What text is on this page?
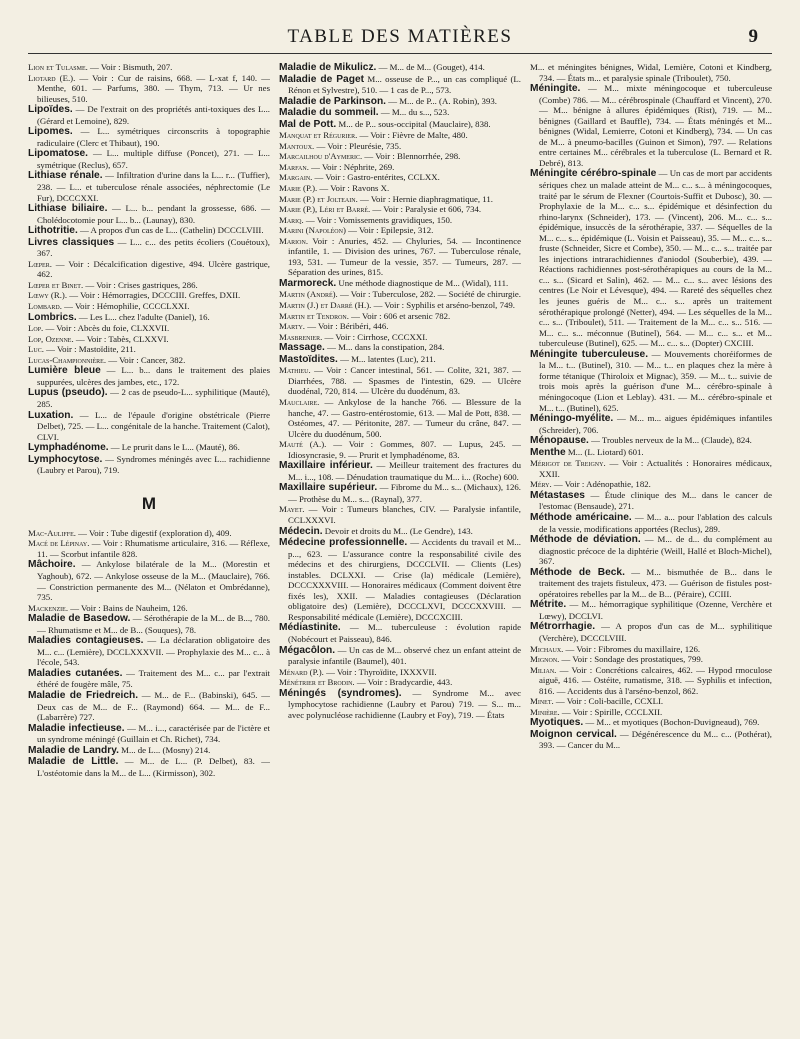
TABLE DES MATIÈRES	9

Lion et Tulasme. — Voir : Bismuth, 207.

Liotard (E.). — Voir : Cur de raisins, 668. — L-xat f, 140. — Menthe, 601. — Parfums, 380. — Thym, 713. — Ur nes bilieuses, 510.

Lipoïdes. — De l'extrait on des propriétés anti-toxiques des L... (Gérard et Lemoine), 829.

Lipomes. — L... symétriques circonscrits à topographie radiculaire (Clerc et Thibaut), 190.

Lipomatose. — L... multiple diffuse (Poncet), 271. — L... symétrique (Reclus), 657.

Lithiase rénale. — Infiltration d'urine dans la L... r... (Tuffier), 238. — L... et tuberculose rénale associées, néphrectomie (Le Fur), DCCCXXI.

Lithiase biliaire. — L... b... pendant la grossesse, 686. — Cholédocotomie pour L... b... (Launay), 830.

Lithotritie. — A propos d'un cas de L... (Cathelin) DCCCLVIII.

Livres classiques — L... c... des petits écoliers (Couétoux), 367.

Lœper. — Voir : Décalcification digestive, 494. Ulcère gastrique, 462.

Lœper et Binet. — Voir : Crises gastriques, 286.

Lœwy (R.). — Voir : Hémorragies, DCCCIII. Greffes, DXII.

Lombard. — Voir : Hémophilie, CCCCLXXI.

Lombrics. — Les L... chez l'adulte (Daniel), 16.

Lop. — Voir : Abcès du foie, CLXXVII.

Lop, Ozenne. — Voir : Tabès, CLXXVI.

Luc. — Voir : Mastoïdite, 211.

Lucas-Championnière. — Voir : Cancer, 382.

Lumière bleue — L... b... dans le traitement des plaies suppurées, ulcères des jambes, etc., 172.

Lupus (pseudo). — 2 cas de pseudo-L... syphilitique (Mauté), 285.

Luxation. — L... de l'épaule d'origine obstétricale (Pierre Delbet), 725. — L... congénitale de la hanche. Traitement (Calot), CLVI.

Lymphadénome. — Le prurit dans le L... (Mauté), 86.

Lymphocytose. — Syndromes méningés avec L... rachidienne (Laubry et Parou), 719.

M

Mac-Auliffe. — Voir : Tube digestif (exploration d), 409.

Macé de Lépinay. — Voir : Rhumatisme articulaire, 316. — Réflexe, 11. — Scorbut infantile 828.

Mâchoire. — Ankylose bilatérale de la M... (Morestin et Yaghoub), 672. — Ankylose osseuse de la M... (Mauclaire), 766. — Constriction permanente des M... (Nélaton et Ombrédanne), 735.

Mackenzie. — Voir : Bains de Nauheim, 126.

Maladie de Basedow. — Sérothérapie de la M... de B..., 780. — Rhumatisme et M... de B... (Souques), 78.

Maladies contagieuses. — La déclaration obligatoire des M... c... (Lemière), DCCLXXXVII. — Prophylaxie des M... c... à l'école, 543.

Maladies cutanées. — Traitement des M... c... par l'extrait éthéré de fougère mâle, 75.

Maladie de Friedreich. — M... de F... (Babinski), 645. — Deux cas de M... de F... (Raymond) 664. — M... de F... (Labarrère) 727.

Maladie infectieuse. — M... i..., caractérisée par de l'ictère et un syndrome méningé (Guillain et Ch. Richet), 734.

Maladie de Landry. M... de L... (Mosny) 214.

Maladie de Little. — M... de L... (P. Delbet), 83. — L'ostéotomie dans la M... de L... (Kirmisson), 302.

Maladie de Mikulicz. — M... de M... (Gouget), 414.

Maladie de Paget M... osseuse de P..., un cas compliqué (L. Rénon et Sylvestre), 510. — 1 cas de P..., 573.

Maladie de Parkinson. — M... de P... (A. Robin), 393.

Maladie du sommeil. — M... du s..., 523.

Mal de Pott. M... de P... sous-occipital (Mauclaire), 838.

Manquat et Régurier. — Voir : Fièvre de Malte, 480.

Mantoux. — Voir : Pleurésie, 735.

Marcailhou d'Aymeric. — Voir : Blennorrhée, 298.

Marfan. — Voir : Néphrite, 269.

Margain. — Voir : Gastro-entérites, CCLXX.

Marie (P.). — Voir : Ravons X.

Marie (P.) et Jolteain. — Voir : Hernie diaphragmatique, 11.

Marie (P.), Léri et Barré. — Voir : Paralysie et 606, 734.

Mariq. — Voir : Vomissements gravidiques, 150.

Marini (Napoléon) — Voir : Epilepsie, 312.

Marion. Voir : Anuries, 452. — Chyluries, 54. — Incontinence infantile, 1. — Division des urines, 767. — Tuberculose rénale, 193, 531. — Tumeur de la vessie, 357. — Tumeurs, 287. — Séparation des urines, 815.

Marmoreck. Une méthode diagnostique de M... (Widal), 111.

Martin (André). — Voir : Tuberculose, 282. — Société de chirurgie.

Martin (J.) et Darré (H.). — Voir : Syphilis et arséno-benzol, 749.

Martin et Tendron. — Voir : 606 et arsenic 782.

Marty. — Voir : Béribéri, 446.

Masbrenier. — Voir : Cirrhose, CCCXXI.

Massage. — M... dans la constipation, 284.

Mastoïdites. — M... latentes (Luc), 211.

Mathieu. — Voir : Cancer intestinal, 561. — Colite, 321, 387. — Diarrhées, 788. — Spasmes de l'intestin, 629. — Ulcère duodénal, 720, 814. — Ulcère du duodénum, 83.

Mauclaire. — Ankylose de la hanche 766. — Blessure de la hanche, 47. — Gastro-entérostomie, 613. — Mal de Pott, 838. — Ostéomes, 47. — Péritonite, 287. — Tumeur du crâne, 847. — Ulcère du duodénum, 500.

Mauté (A.). — Voir : Gommes, 807. — Lupus, 245. — Idiosyncrasie, 9. — Prurit et lymphadénome, 83.

Maxillaire inférieur. — Meilleur traitement des fractures du M... i..., 108. — Dénudation traumatique du M... i... (Roche) 600.

Maxillaire supérieur. — Fibrome du M... s... (Michaux), 126. — Prothèse du M... s... (Raynal), 377.

Mayet. — Voir : Tumeurs blanches, CIV. — Paralysie infantile, CCLXXXVI.

Médecin. Devoir et droits du M... (Le Gendre), 143.

Médecine professionnelle. — Accidents du travail et M... p..., 623. — L'assurance contre la responsabilité civile des médecins et des chirurgiens, DCCCLVII. — Clients (Les) instables. DCLXXI. — Crise (la) médicale (Lemière), DCCCXXXVIII. — Honoraires médicaux (Comment doivent être fixés les), XXII. — Maladies contagieuses (Déclaration obligatoire des) (Lemière), DCCCLXVI, DCCCXXVIII. — Responsabilité médicale (Lemière), DCCCXCIII.

Médiastinite. — M... tuberculeuse : évolution rapide (Nobécourt et Paisseau), 846.

Mégacôlon. — Un cas de M... observé chez un enfant atteint de paralysie infantile (Baumel), 401.

Ménard (P.). — Voir : Thyroïdite, IXXXVII.

Ménétrier et Brodin. — Voir : Bradycardie, 443.

Méningés (syndromes). — Syndrome M... avec lymphocytose rachidienne (Laubry et Parou) 719. — S... m... avec polynucléose rachidienne (Laubry et Foy), 719. — États

M... et méningites bénignes, Widal, Lemière, Cotoni et Kindberg, 734. — États m... et paralysie spinale (Triboulet), 750.

Méningite. — M... mixte méningocoque et tuberculeuse (Combe) 786. — M... cérébrospinale (Chauffard et Vincent), 270. — M... bénigne à allures épidémiques (Rist), 719. — M... bénignes (Gaillard et Bauffle), 734. — États méningés et M... bénignes (Widal, Lemierre, Cotoni et Kindberg), 734. — Un cas de M... à pneumo-bacilles (Guinon et Simon), 797. — Relations entre certaines M... cérébrales et la tuberculose (L. Bernard et R. Debré), 813.

Méningite cérébro-spinale — Un cas de mort par accidents sériques chez un malade atteint de M... c... s... à méningocoques, traité par le sérum de Flexner (Courtois-Suffit et Dubosc), 30. — Prophylaxie de la M... c... s... épidémique et désinfection du rhino-larynx (Schneider), 173. — (Vincent), 206. M... c... s... épidémique, insuccès de la sérothérapie, 337. — Séquelles de la M... c... s... épidémique (L. Voisin et Paisseau), 35. — M... c... s... fruste (Schneider, Sicre et Combe), 350. — M... c... s... traitée par les injections intrarachidiennes d'aniodol (Souberbie), 439. — Réactions rachidiennes post-sérothérapiques au cours de la M... c... s... (Sicard et Salin), 462. — M... c... s... avec lésions des centres (Le Noir et Lévesque), 494. — Rareté des séquelles chez les jeunes guéris de M... c... s... après un traitement sérothérapique prolongé (Netter), 494. — Les séquelles de la M... c... s... (Triboulet), 511. — Traitement de la M... c... s... 516. — M... c... s... méconnue (Butinel), 564. — M... c... s... et M... tuberculeuse (Butinel), 625. — M... c... s... (Dopter) CXCIII.

Méningite tuberculeuse. — Mouvements choréiformes de la M... t... (Butinel), 310. — M... t... en plaques chez la mère à forme tétanique (Thiroloix et Mignac), 359. — M... t... suivie de trois mois après la guérison d'une M... cérébro-spinale à méningocoque (Lion et Leblay). 431. — M... cérébro-spinale et M... t... (Butinel), 625.

Méningo-myélite. — M... m... aigues épidémiques infantiles (Schreider), 706.

Ménopause. — Troubles nerveux de la M... (Claude), 824.

Menthe M... (L. Liotard) 601.

Mérigot de Treigny. — Voir : Actualités : Honoraires médicaux, XXII.

Méry. — Voir : Adénopathie, 182.

Métastases — Étude clinique des M... dans le cancer de l'estomac (Bensaude), 271.

Méthode américaine. — M... a... pour l'ablation des calculs de la vessie, modifications apportées (Reclus), 289.

Méthode de déviation. — M... de d... du complément au diagnostic précoce de la diphtérie (Weill, Hallé et Bloch-Michel), 367.

Méthode de Beck. — M... bismuthée de B... dans le traitement des trajets fistuleux, 473. — Guérison de fistules post-opératoires rebelles par la M... de B... (Péraire), CCIII.

Métrite. — M... hémorragique syphilitique (Ozenne, Verchère et Lœwy), DCCLVI.

Métrorrhagie. — A propos d'un cas de M... syphilitique (Verchère), DCCCLVIII.

Michaux. — Voir : Fibromes du maxillaire, 126.

Mignon. — Voir : Sondage des prostatiques, 799.

Milian. — Voir : Concrétions calcaires, 462. — Hypod rmoculose aiguë, 416. — Ostéite, rumatisme, 318. — Syphilis et infection, 816. — Accidents dus à l'arséno-benzol, 862.

Minet. — Voir : Coli-bacille, CCXLI.

Minière. — Voir : Spirille, CCCLXII.

Myotiques. — M... et myotiques (Bochon-Duvigneaud), 769.

Moignon cervical. — Dégénérescence du M... c... (Pothérat), 393. — Cancer du M...
